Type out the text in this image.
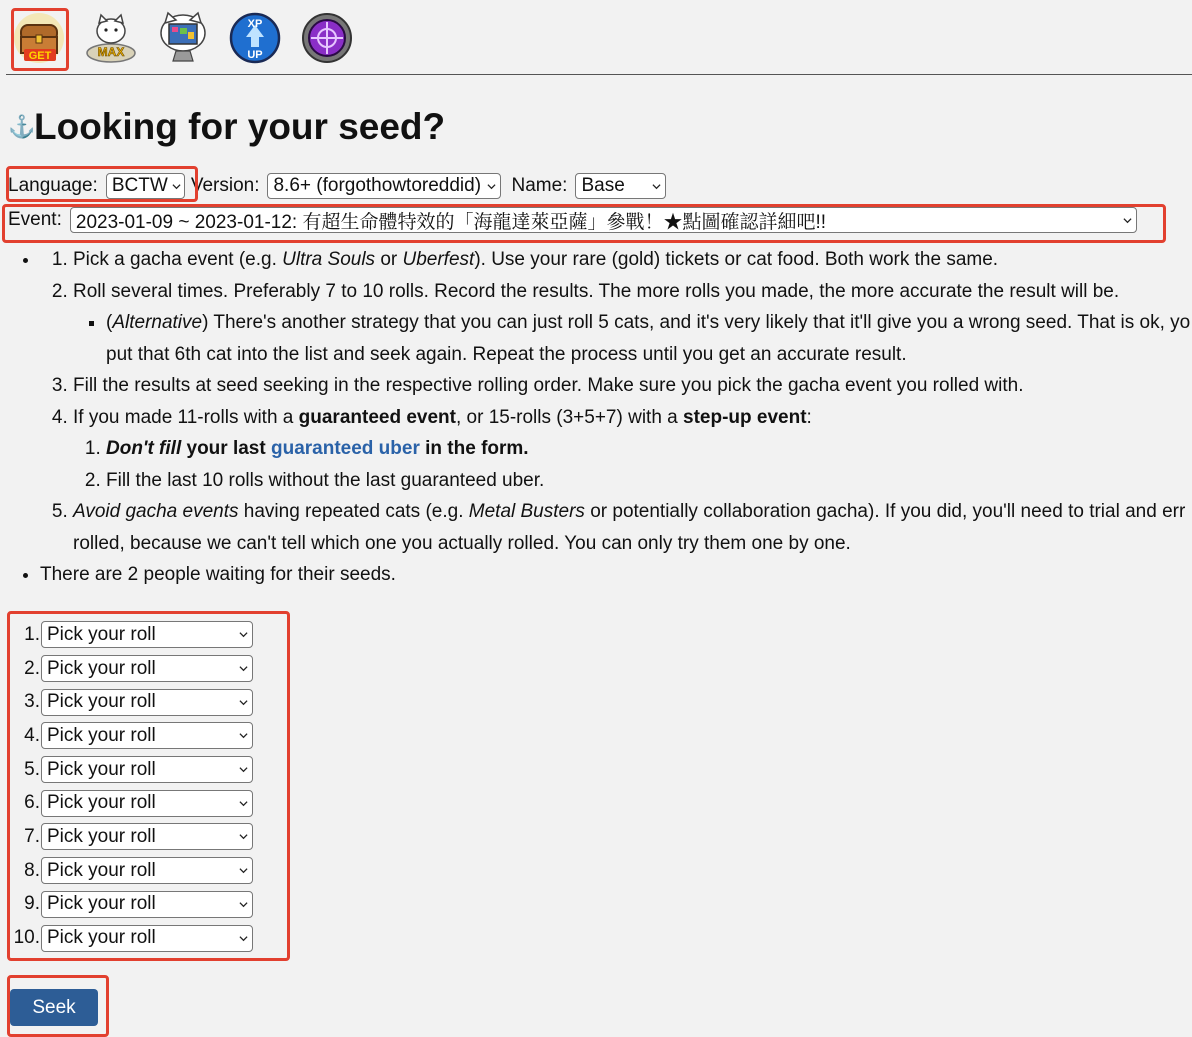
GET	MAX
XP
UP
⚓
Looking for your seed?
Language: BCTW Version: 8.6+ (forgothowtoreddid) Name: Base
Event: 2023-01-09 ~ 2023-01-12: 有超生命體特效的「海龍達萊亞薩」參戰！★點圖確認詳細吧!!
1. • Pick a gacha event (e.g. Ultra Souls or Uberfest). Use your rare (gold) tickets or cat food. Both work the same.
2. Roll several times. Preferably 7 to 10 rolls. Record the results. The more rolls you made, the more accurate the result will be.
▪ (Alternative) There's another strategy that you can just roll 5 cats, and it's very likely that it'll give you a wrong seed. That is ok, yo
put that 6th cat into the list and seek again. Repeat the process until you get an accurate result.
3. Fill the results at seed seeking in the respective rolling order. Make sure you pick the gacha event you rolled with.
4. If you made 11-rolls with a guaranteed event, or 15-rolls (3+5+7) with a step-up event:
1. Don't fill your last guaranteed uber in the form.
2. Fill the last 10 rolls without the last guaranteed uber.
5. Avoid gacha events having repeated cats (e.g. Metal Busters or potentially collaboration gacha). If you did, you'll need to trial and err
rolled, because we can't tell which one you actually rolled. You can only try them one by one.
• There are 2 people waiting for their seeds.
1. Pick your roll
2. Pick your roll
3. Pick your roll
4. Pick your roll
5. Pick your roll
6. Pick your roll
7. Pick your roll
8. Pick your roll
9. Pick your roll
10. Pick your roll
Seek
